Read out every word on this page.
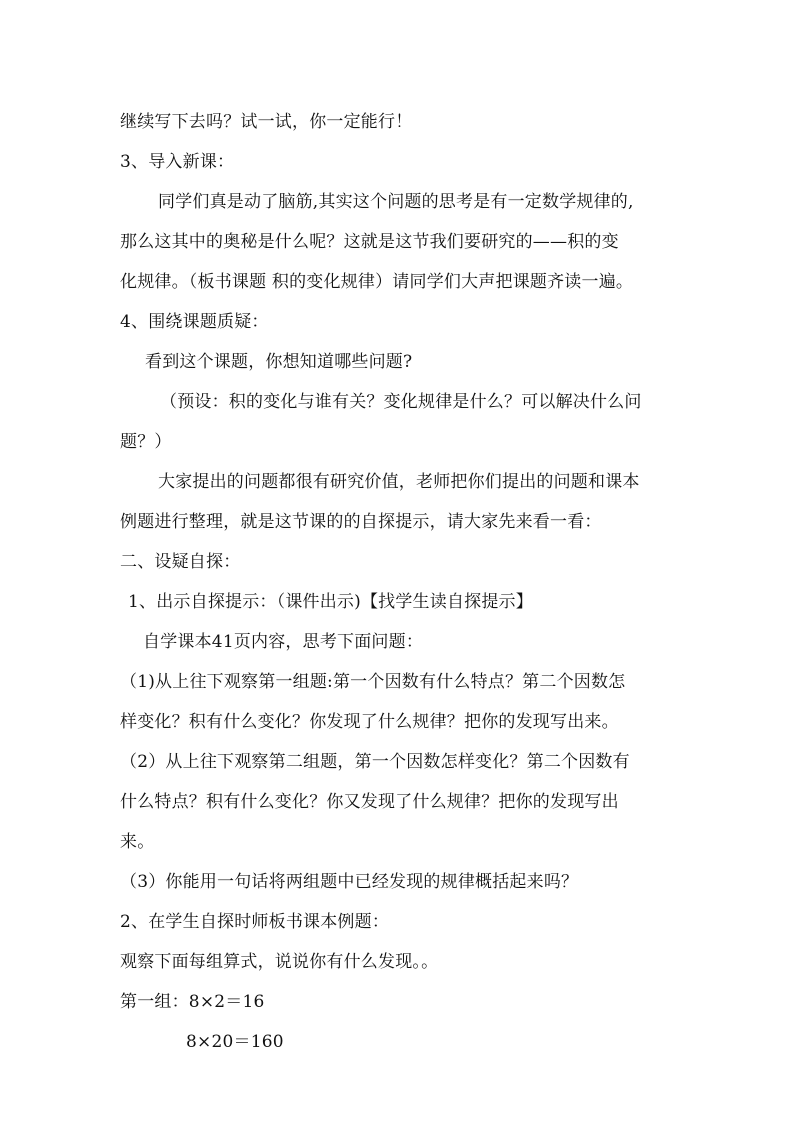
继续写下去吗？试一试，你一定能行！
3、导入新课：
同学们真是动了脑筋,其实这个问题的思考是有一定数学规律的,
那么这其中的奥秘是什么呢？这就是这节我们要研究的——积的变
化规律。（板书课题 积的变化规律）请同学们大声把课题齐读一遍。
4、围绕课题质疑：
看到这个课题，你想知道哪些问题?
（预设：积的变化与谁有关？变化规律是什么？可以解决什么问
题？）
大家提出的问题都很有研究价值，老师把你们提出的问题和课本
例题进行整理，就是这节课的的自探提示，请大家先来看一看：
二、设疑自探：
1、出示自探提示：（课件出示)【找学生读自探提示】
自学课本41页内容，思考下面问题：
（1)从上往下观察第一组题:第一个因数有什么特点？第二个因数怎
样变化？积有什么变化？你发现了什么规律？把你的发现写出来。
（2）从上往下观察第二组题，第一个因数怎样变化？第二个因数有
什么特点？积有什么变化？你又发现了什么规律？把你的发现写出
来。
（3）你能用一句话将两组题中已经发现的规律概括起来吗？
2、在学生自探时师板书课本例题：
观察下面每组算式，说说你有什么发现。。
第一组：8×2＝16
8×20＝160
